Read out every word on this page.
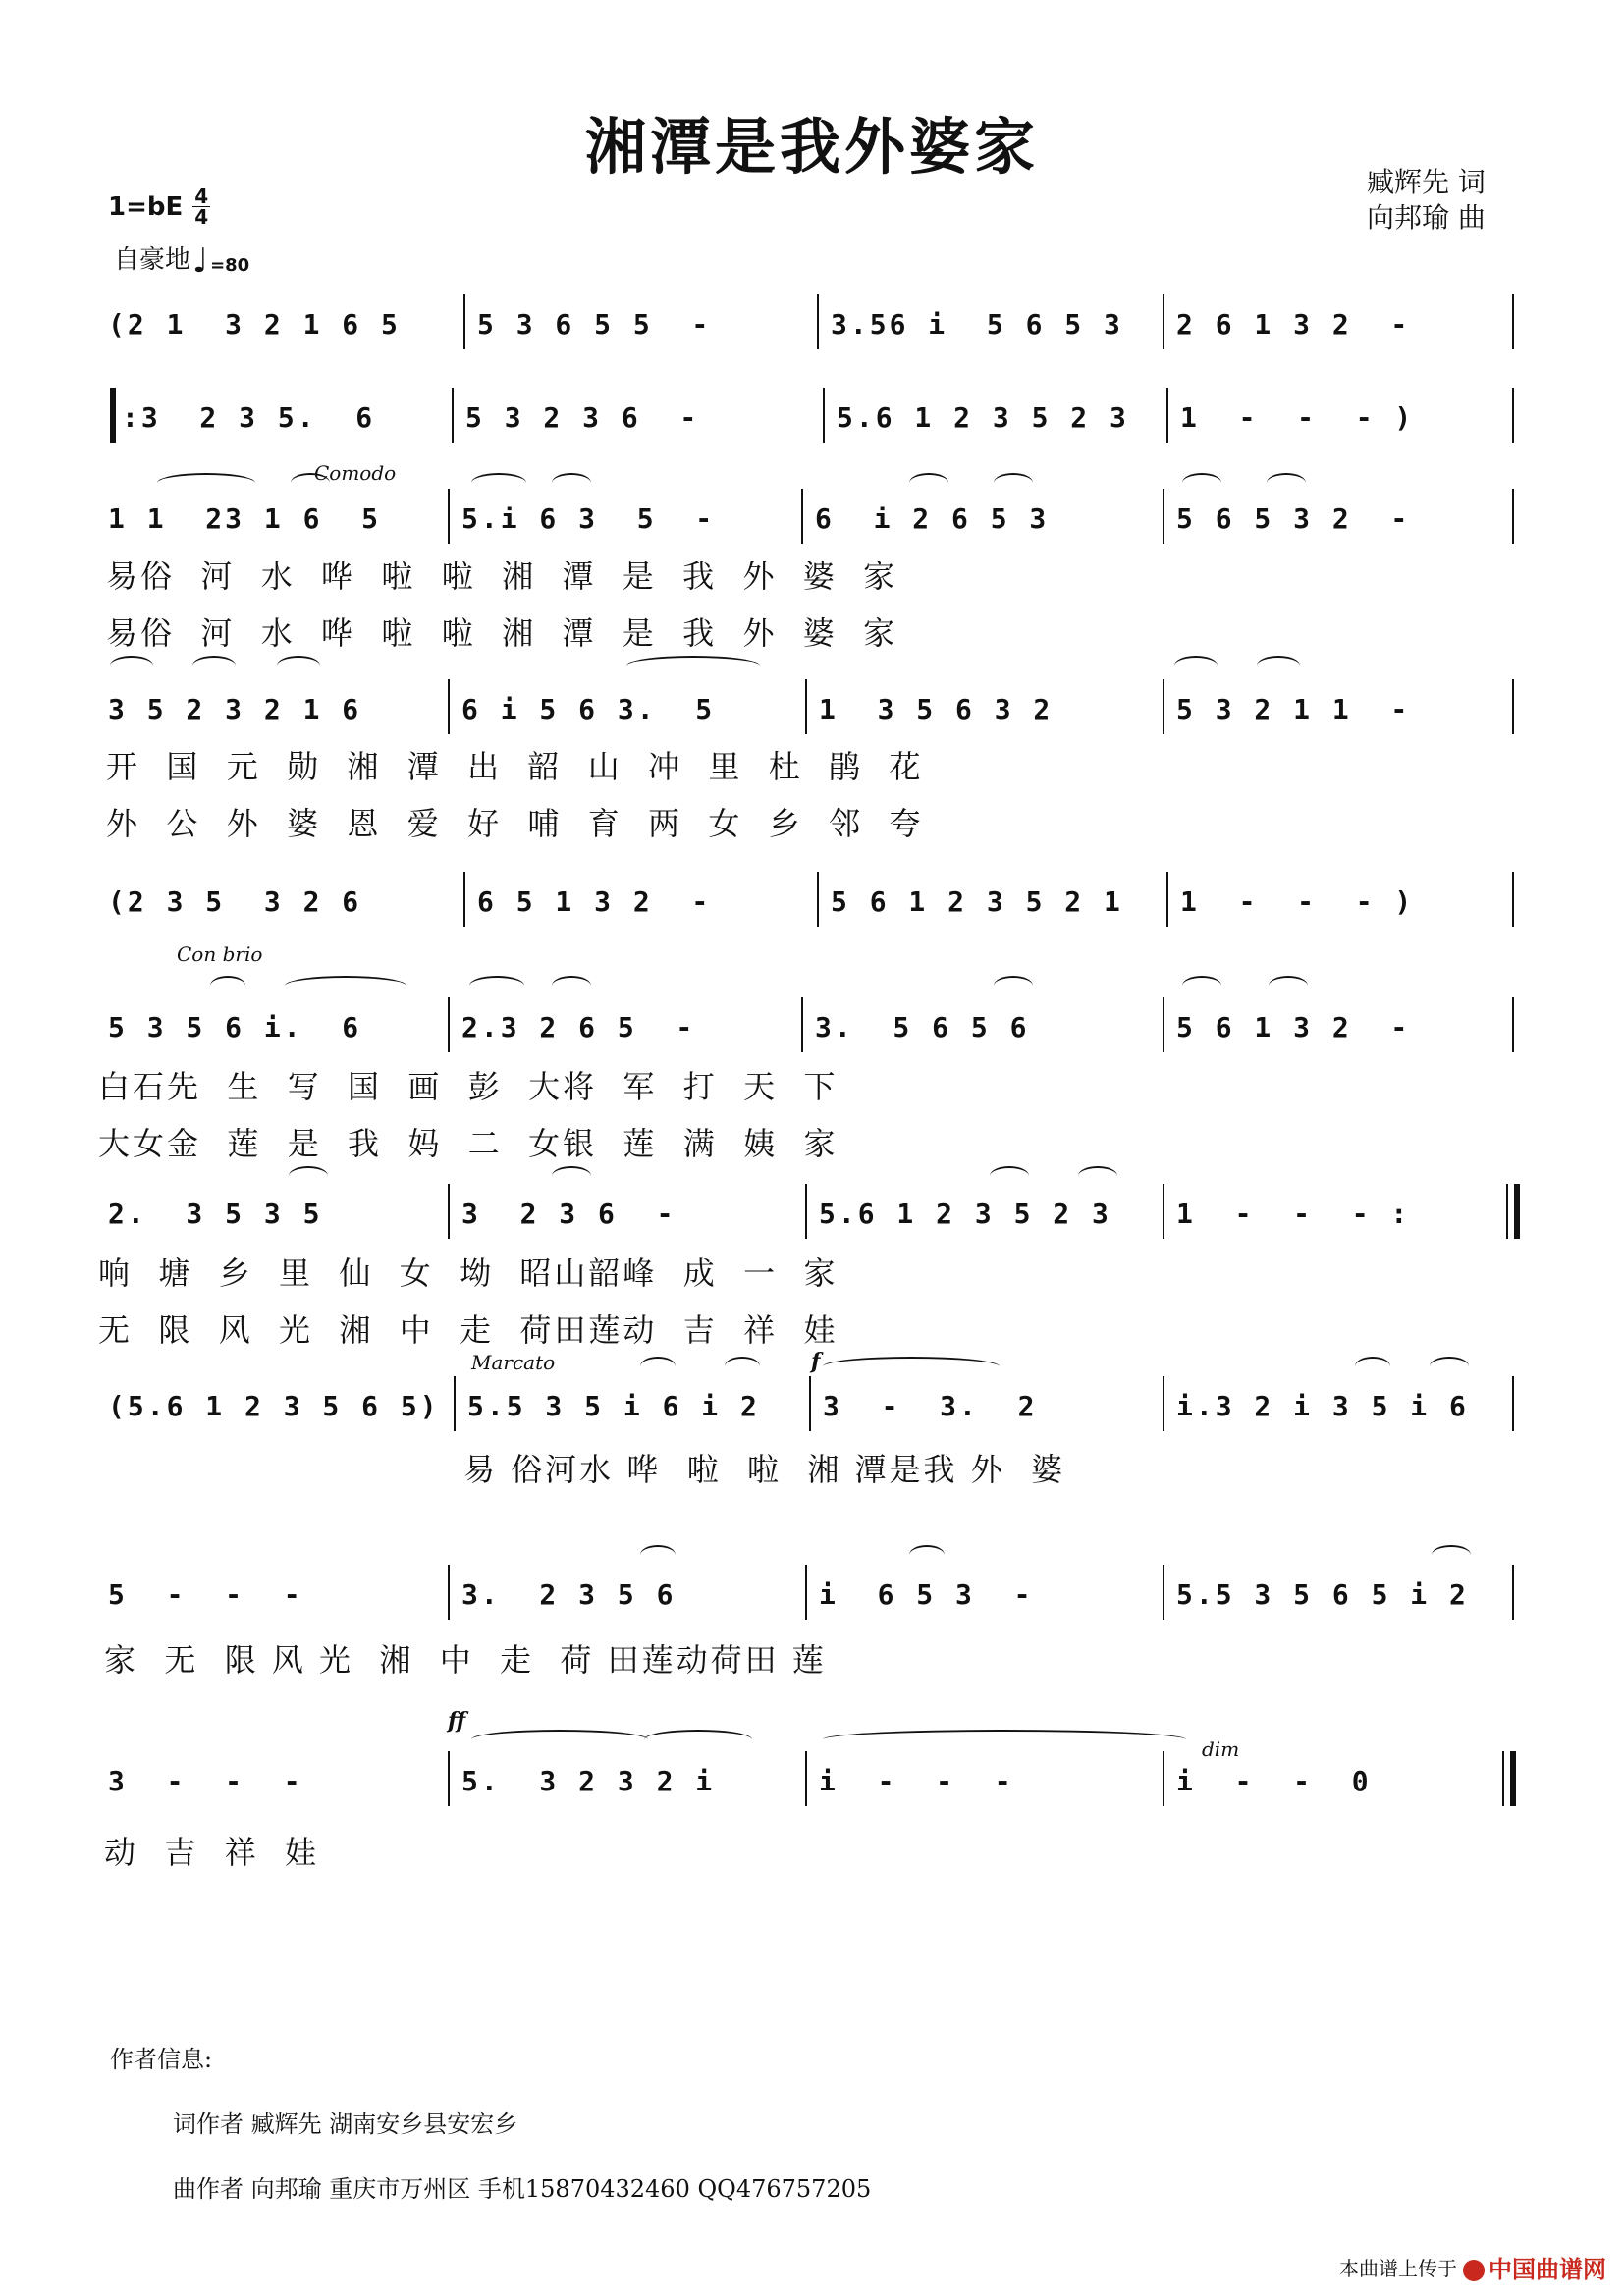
湘潭是我外婆家	臧辉先 词
向邦瑜 曲
$1=bE \frac{4}{4}$
自豪地 ♩ =80
(2 1  3 2 1 6 5	5 3 6 5 5  -	3.56 i  5 6 5 3 2 6 1 3 2  -
:3  2 3 5.  6	5 3 2 3 6  -	5.6 1 2 3 5 2 3 1  -  -  - )
Comodo
1 1  23 1 6  5	5.i 6 3  5  -	6  i 2 6 5 3	5 6 5 3 2  -
易俗  河  水  哗  啦  啦  湘  潭  是  我  外  婆  家
易俗  河  水  哗  啦  啦  湘  潭  是  我  外  婆  家
3 5 2 3 2 1 6	6 i 5 6 3.  5	1  3 5 6 3 2	5 3 2 1 1  -
开  国  元  勋  湘  潭  出  韶  山  冲  里  杜  鹃  花
外  公  外  婆  恩  爱  好  哺  育  两  女  乡  邻  夸
(2 3 5  3 2 6	6 5 1 3 2  -	5 6 1 2 3 5 2 1 1  -  -  - )
Con brio
5 3 5 6 i.  6	2.3 2 6 5  -	3.  5 6 5 6	5 6 1 3 2  -
白石先  生  写  国  画  彭  大将  军  打  天  下
大女金  莲  是  我  妈  二  女银  莲  满  姨  家
2.  3 5 3 5	3  2 3 6  -	5.6 1 2 3 5 2 3 1  -  -  - :
响  塘  乡  里  仙  女  坳  昭山韶峰  成  一  家
无  限  风  光  湘  中  走  荷田莲动  吉  祥  娃
Marcato	f
(5.6 1 2 3 5 6 5) 5.5 3 5 i 6 i 2 3  -  3.  2	i.3 2 i 3 5 i 6
易 俗河水 哗  啦  啦  湘 潭是我 外  婆
5  -  -  -	3.  2 3 5 6	i  6 5 3  -	5.5 3 5 6 5 i 2
家  无  限 风 光  湘  中  走  荷 田莲动荷田 莲
ff
dim
3  -  -  -	5.  3 2 3 2 i	i  -  -  -	i  -  -  0
动  吉  祥  娃
作者信息:
词作者 臧辉先 湖南安乡县安宏乡
曲作者 向邦瑜 重庆市万州区 手机15870432460 QQ476757205
本曲谱上传于	中国曲谱网
